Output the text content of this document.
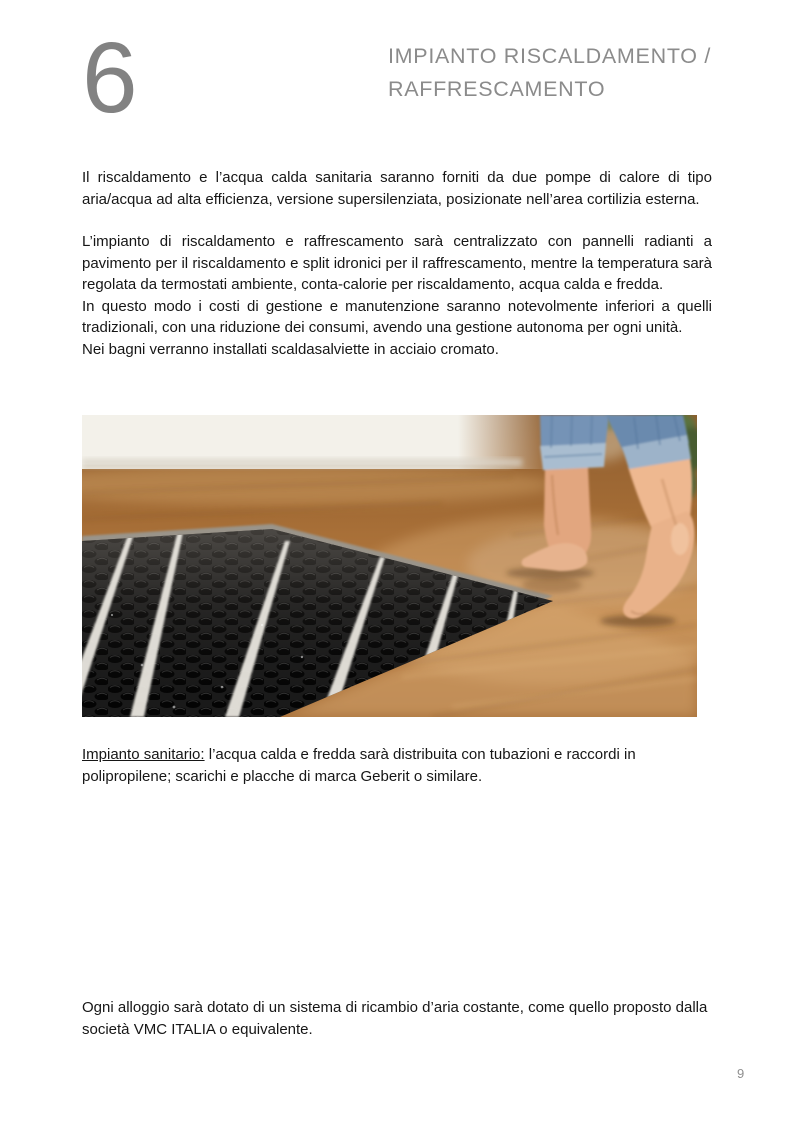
6	IMPIANTO RISCALDAMENTO /
RAFFRESCAMENTO

Il riscaldamento e l’acqua calda sanitaria saranno forniti da due pompe di calore di tipo aria/acqua ad alta efficienza, versione supersilenziata, posizionate nell’area cortilizia esterna.

L’impianto di riscaldamento e raffrescamento sarà centralizzato con pannelli radianti a pavimento per il riscaldamento e split idronici per il raffrescamento, mentre la temperatura sarà regolata da termostati ambiente, conta-calorie per riscaldamento, acqua calda e fredda.

In questo modo i costi di gestione e manutenzione saranno notevolmente inferiori a quelli tradizionali, con una riduzione dei consumi, avendo una gestione autonoma per ogni unità.

Nei bagni verranno installati scaldasalviette in acciaio cromato.

Impianto sanitario: l’acqua calda e fredda sarà distribuita con tubazioni e raccordi in polipropilene; scarichi e placche di marca Geberit o similare.

Ogni alloggio sarà dotato di un sistema di ricambio d’aria costante, come quello proposto dalla società VMC ITALIA o equivalente.

9
